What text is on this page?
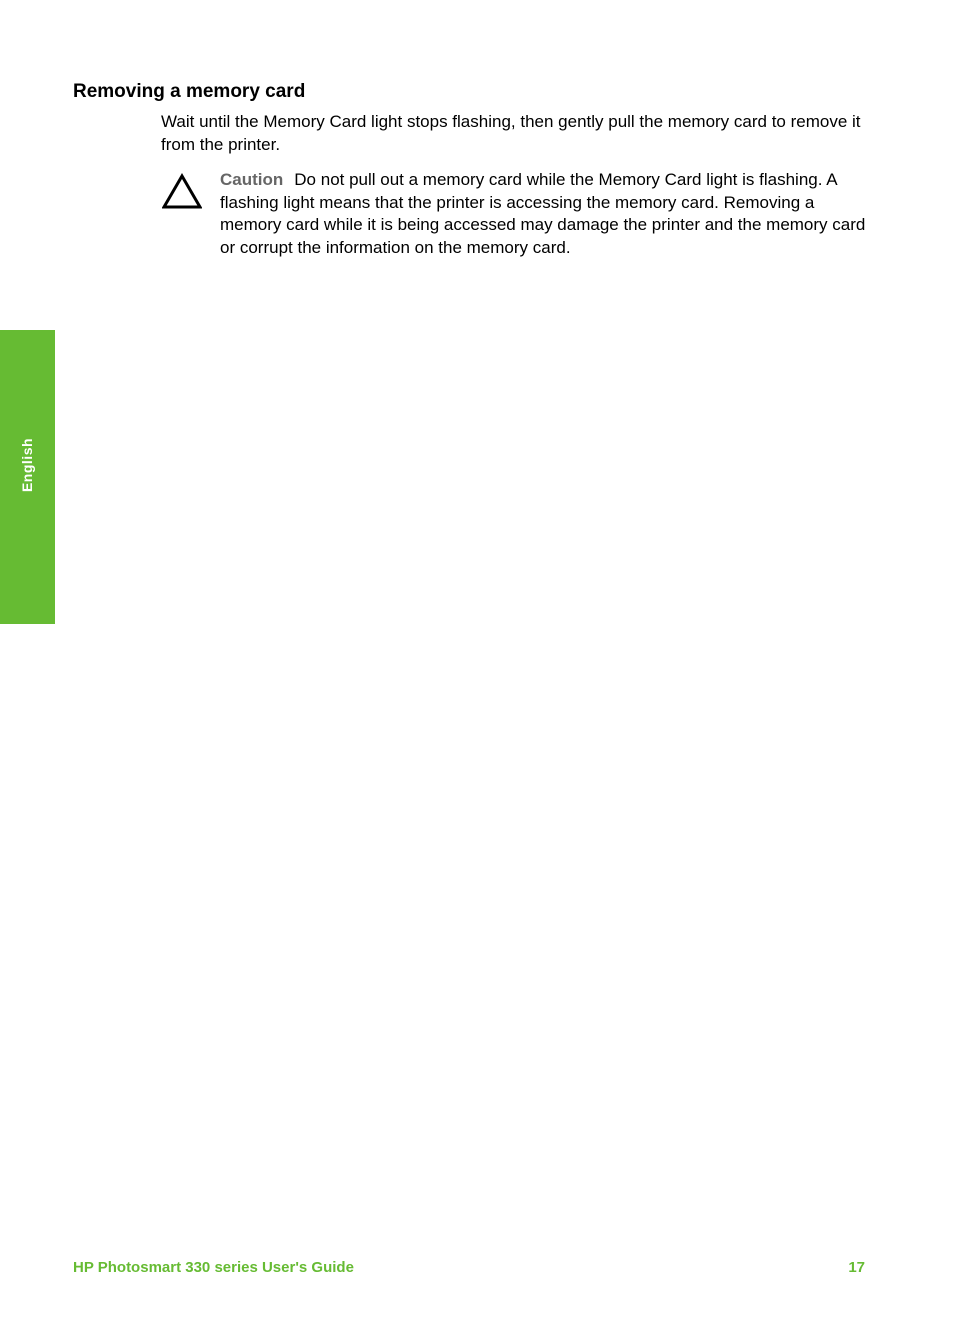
English
Removing a memory card

Wait until the Memory Card light stops flashing, then gently pull the memory card to remove it from the printer.

Caution Do not pull out a memory card while the Memory Card light is flashing. A flashing light means that the printer is accessing the memory card. Removing a memory card while it is being accessed may damage the printer and the memory card or corrupt the information on the memory card.

HP Photosmart 330 series User's Guide	17
